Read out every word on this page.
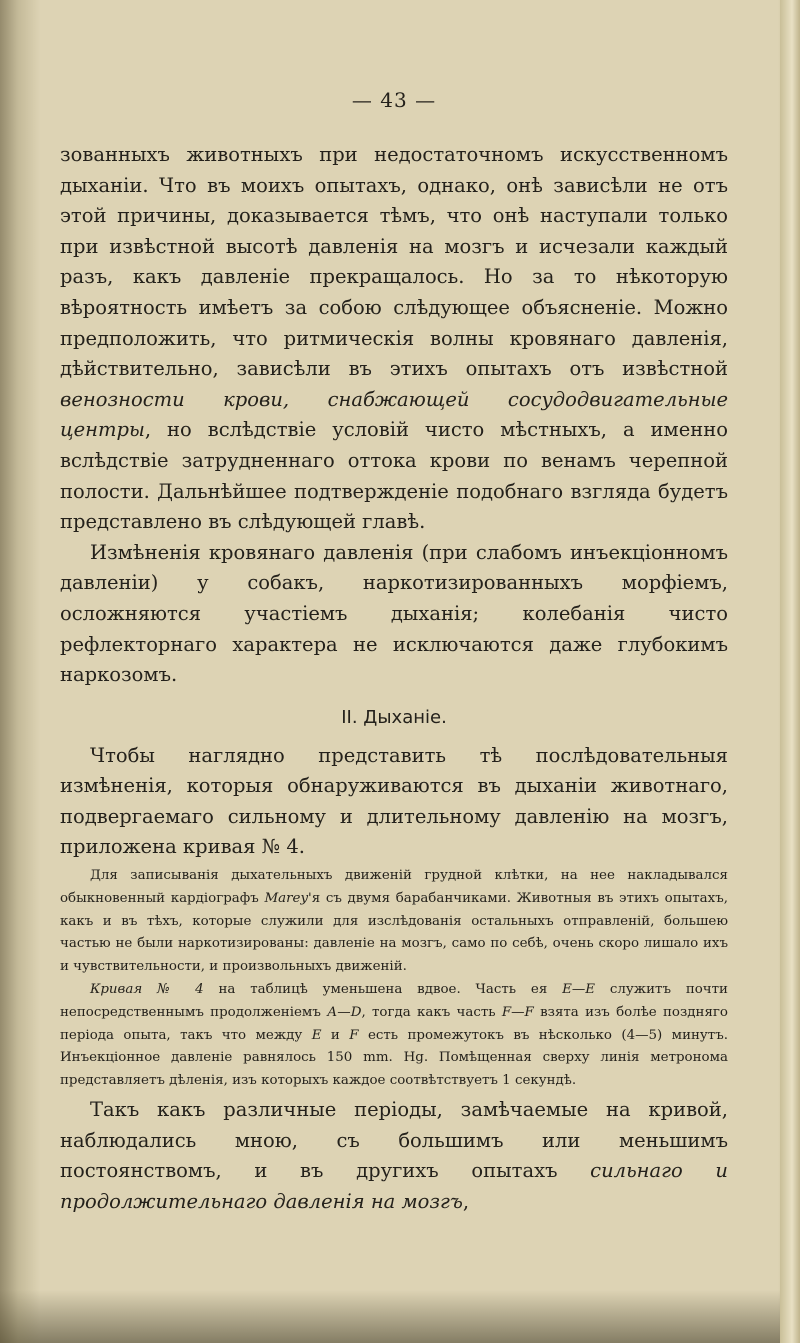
— 43 —

зованныхъ животныхъ при недостаточномъ искусственномъ дыханіи. Что въ моихъ опытахъ, однако, онѣ зависѣли не отъ этой причины, доказывается тѣмъ, что онѣ наступали только при извѣстной высотѣ давленія на мозгъ и исчезали каждый разъ, какъ давленіе прекращалось. Но за то нѣкоторую вѣроятность имѣетъ за собою слѣдующее объясненіе. Можно предположить, что ритмическія волны кровянаго давленія, дѣйствительно, зависѣли въ этихъ опытахъ отъ извѣстной венозности крови, снабжающей сосудодвигательные центры, но вслѣдствіе условій чисто мѣстныхъ, а именно вслѣдствіе затрудненнаго оттока крови по венамъ черепной полости. Дальнѣйшее подтвержденіе подобнаго взгляда будетъ представлено въ слѣдующей главѣ.

Измѣненія кровянаго давленія (при слабомъ инъекціонномъ давленіи) у собакъ, наркотизированныхъ морфіемъ, осложняются участіемъ дыханія; колебанія чисто рефлекторнаго характера не исключаются даже глубокимъ наркозомъ.

II. Дыханіе.

Чтобы наглядно представить тѣ послѣдовательныя измѣненія, которыя обнаруживаются въ дыханіи животнаго, подвергаемаго сильному и длительному давленію на мозгъ, приложена кривая № 4.

Для записыванія дыхательныхъ движеній грудной клѣтки, на нее накладывался обыкновенный кардіографъ Marey'я съ двумя барабанчиками. Животныя въ этихъ опытахъ, какъ и въ тѣхъ, которые служили для изслѣдованія остальныхъ отправленій, большею частью не были наркотизированы: давленіе на мозгъ, само по себѣ, очень скоро лишало ихъ и чувствительности, и произвольныхъ движеній.

Кривая № 4 на таблицѣ уменьшена вдвое. Часть ея Е—Е служитъ почти непосредственнымъ продолженіемъ А—D, тогда какъ часть F—F взята изъ болѣе поздняго періода опыта, такъ что между Е и F есть промежутокъ въ нѣсколько (4—5) минутъ. Инъекціонное давленіе равнялось 150 mm. Hg. Помѣщенная сверху линія метронома представляетъ дѣленія, изъ которыхъ каждое соотвѣтствуетъ 1 секундѣ.

Такъ какъ различные періоды, замѣчаемые на кривой, наблюдались мною, съ большимъ или меньшимъ постоянствомъ, и въ другихъ опытахъ сильнаго и продолжительнаго давленія на мозгъ,
